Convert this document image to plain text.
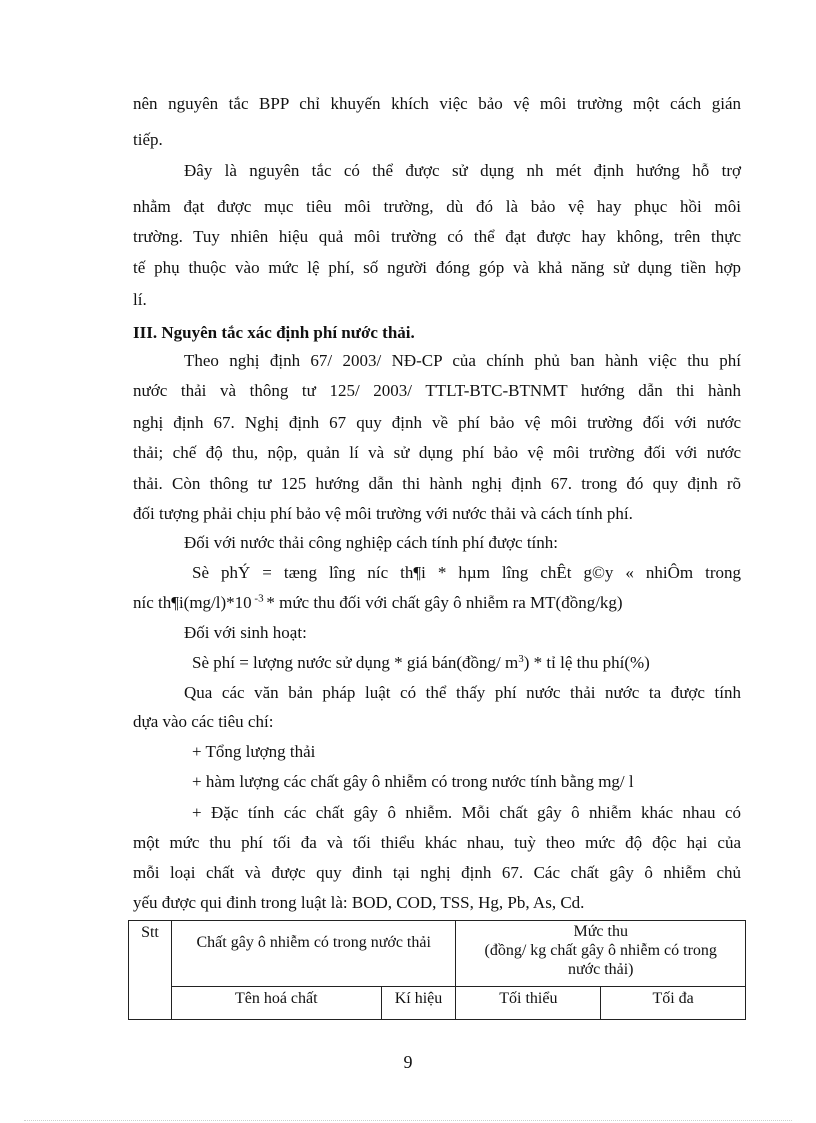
nên nguyên tắc BPP chỉ khuyến khích việc bảo vệ môi trường một cách gián
tiếp.
Đây là nguyên tắc có thể được sử dụng nh mét định hướng hỗ trợ
nhằm đạt được mục tiêu môi trường, dù đó là bảo vệ hay phục hồi môi
trường. Tuy nhiên hiệu quả môi trường có thể đạt được hay không, trên thực
tế phụ thuộc vào mức lệ phí, số người đóng góp và khả năng sử dụng tiền hợp
lí.
III. Nguyên tắc xác định phí nước thải.
Theo nghị định 67/ 2003/ NĐ-CP của chính phủ ban hành việc thu phí
nước thải và thông tư 125/ 2003/ TTLT-BTC-BTNMT hướng dẫn thi hành
nghị định 67. Nghị định 67 quy định về phí bảo vệ môi trường đối với nước
thải; chế độ thu, nộp, quản lí và sử dụng phí bảo vệ môi trường đối với nước
thải. Còn thông tư 125 hướng dẫn thi hành nghị định 67. trong đó quy định rõ
đối tượng phải chịu phí bảo vệ môi trường với nước thải và cách tính phí.
Đối với nước thải công nghiệp cách tính phí được tính:
Sè phÝ = tæng lîng níc th¶i * hµm lîng chÊt g©y « nhiÔm trong
níc th¶i(mg/l)*10 $^{-3}$ * mức thu đối với chất gây ô nhiễm ra MT(đồng/kg)
Đối với sinh hoạt:
Sè phí = lượng nước sử dụng * giá bán(đồng/ $m^3$) * tỉ lệ thu phí(%)
Qua các văn bản pháp luật có thể thấy phí nước thải nước ta được tính
dựa vào các tiêu chí:
+ Tổng lượng thải
+ hàm lượng các chất gây ô nhiễm có trong nước tính bằng mg/ l
+ Đặc tính các chất gây ô nhiễm. Mỗi chất gây ô nhiễm khác nhau có
một mức thu phí tối đa và tối thiểu khác nhau, tuỳ theo mức độ độc hại của
mỗi loại chất và được quy đinh tại nghị định 67. Các chất gây ô nhiễm chủ
yếu được qui đinh trong luật là: BOD, COD, TSS, Hg, Pb, As, Cd.
Stt	Chất gây ô nhiễm có trong nước thải		Mức thu
(đồng/ kg chất gây ô nhiễm có trong nước thải)	

	Tên hoá chất	Kí hiệu	Tối thiểu	Tối đa
9
